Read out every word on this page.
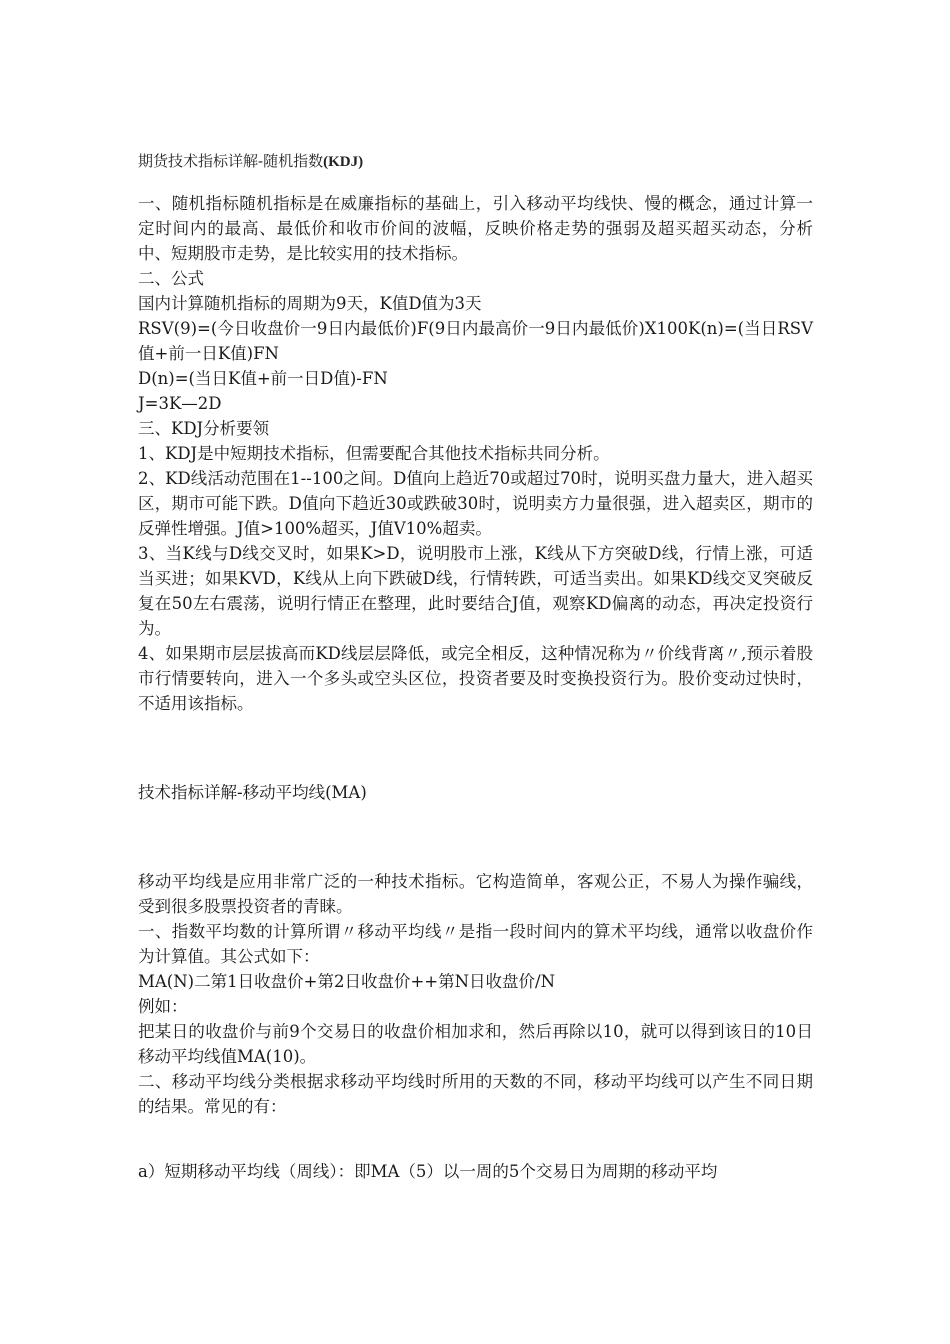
期货技术指标详解-随机指数(KDJ)

一、随机指标随机指标是在威廉指标的基础上，引入移动平均线快、慢的概念，通过计算一定时间内的最高、最低价和收市价间的波幅，反映价格走势的强弱及超买超买动态，分析中、短期股市走势，是比较实用的技术指标。

二、公式

国内计算随机指标的周期为9天，K值D值为3天

RSV(9)=(今日收盘价一9日内最低价)F(9日内最高价一9日内最低价)X100K(n)=(当日RSV值+前一日K值)FN

D(n)=(当日K值+前一日D值)-FN

J=3K—2D

三、KDJ分析要领

1、KDJ是中短期技术指标，但需要配合其他技术指标共同分析。

2、KD线活动范围在1--100之间。D值向上趋近70或超过70时，说明买盘力量大，进入超买区，期市可能下跌。D值向下趋近30或跌破30时，说明卖方力量很强，进入超卖区，期市的反弹性增强。J值>100%超买，J值V10%超卖。

3、当K线与D线交叉时，如果K>D，说明股市上涨，K线从下方突破D线，行情上涨，可适当买进；如果KVD，K线从上向下跌破D线，行情转跌，可适当卖出。如果KD线交叉突破反复在50左右震荡，说明行情正在整理，此时要结合J值，观察KD偏离的动态，再决定投资行为。

4、如果期市层层拔高而KD线层层降低，或完全相反，这种情况称为〃价线背离〃,预示着股市行情要转向，进入一个多头或空头区位，投资者要及时变换投资行为。股价变动过快时，不适用该指标。

技术指标详解-移动平均线(MA)

移动平均线是应用非常广泛的一种技术指标。它构造简单，客观公正，不易人为操作骗线，受到很多股票投资者的青睐。

一、指数平均数的计算所谓〃移动平均线〃是指一段时间内的算术平均线，通常以收盘价作为计算值。其公式如下：

MA(N)二第1日收盘价+第2日收盘价++第N日收盘价/N

例如：

把某日的收盘价与前9个交易日的收盘价相加求和，然后再除以10，就可以得到该日的10日移动平均线值MA(10)。

二、移动平均线分类根据求移动平均线时所用的天数的不同，移动平均线可以产生不同日期的结果。常见的有：

a）短期移动平均线（周线）：即MA（5）以一周的5个交易日为周期的移动平均
